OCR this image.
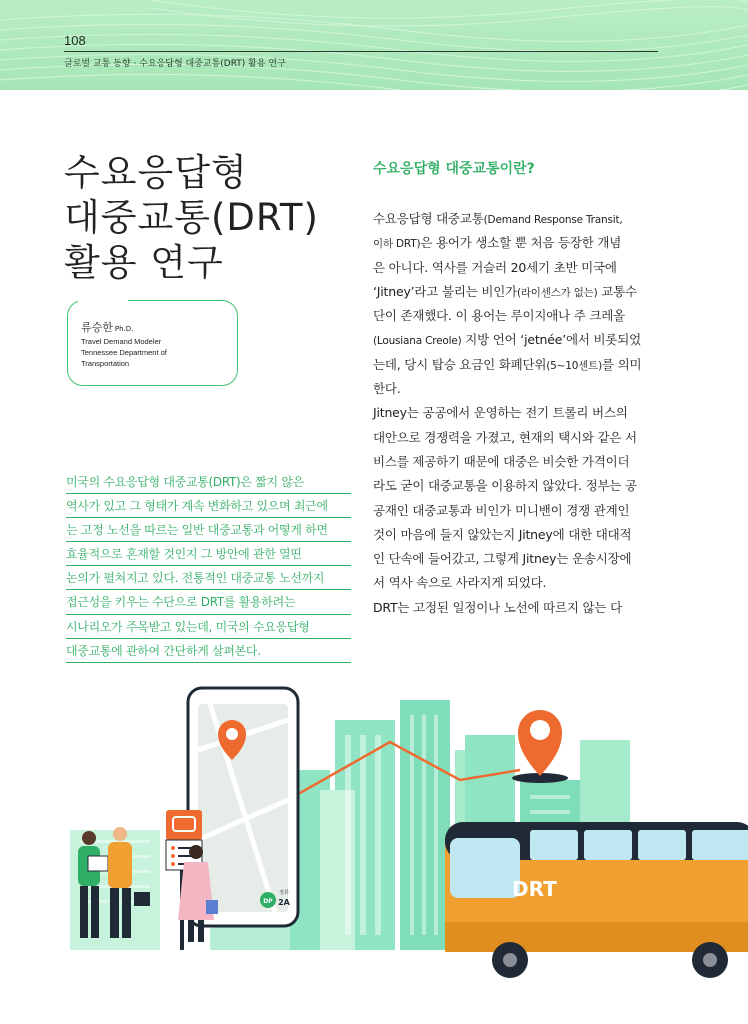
108
글로벌 교통 동향 · 수요응답형 대중교통(DRT) 활용 연구
수요응답형
대중교통(DRT)
활용 연구
류승한 Ph.D.
Travel Demand Modeler
Tennessee Department of
Transportation
미국의 수요응답형 대중교통(DRT)은 짧지 않은
역사가 있고 그 형태가 계속 변화하고 있으며 최근에
는 고정 노선을 따르는 일반 대중교통과 어떻게 하면
효율적으로 혼재할 것인지 그 방안에 관한 열띤
논의가 펼쳐지고 있다. 전통적인 대중교통 노선까지
접근성을 키우는 수단으로 DRT를 활용하려는
시나리오가 주목받고 있는데, 미국의 수요응답형
대중교통에 관하여 간단하게 살펴본다.
수요응답형 대중교통이란?
수요응답형 대중교통(Demand Response Transit,
이하 DRT)은 용어가 생소할 뿐 처음 등장한 개념
은 아니다. 역사를 거슬러 20세기 초반 미국에
‘Jitney’라고 불리는 비인가(라이센스가 없는) 교통수
단이 존재했다. 이 용어는 루이지애나 주 크레올
(Lousiana Creole) 지방 언어 ‘jetnée’에서 비롯되었
는데, 당시 탑승 요금인 화폐단위(5~10센트)를 의미
한다.
Jitney는 공공에서 운영하는 전기 트롤리 버스의
대안으로 경쟁력을 가졌고, 현재의 택시와 같은 서
비스를 제공하기 때문에 대중은 비슷한 가격이더
라도 굳이 대중교통을 이용하지 않았다. 정부는 공
공재인 대중교통과 비인가 미니밴이 경쟁 관계인
것이 마음에 들지 않았는지 Jitney에 대한 대대적
인 단속에 들어갔고, 그렇게 Jitney는 운송시장에
서 역사 속으로 사라지게 되었다.
DRT는 고정된 일정이나 노선에 따르지 않는 다
DP
정류
2A
DRT
